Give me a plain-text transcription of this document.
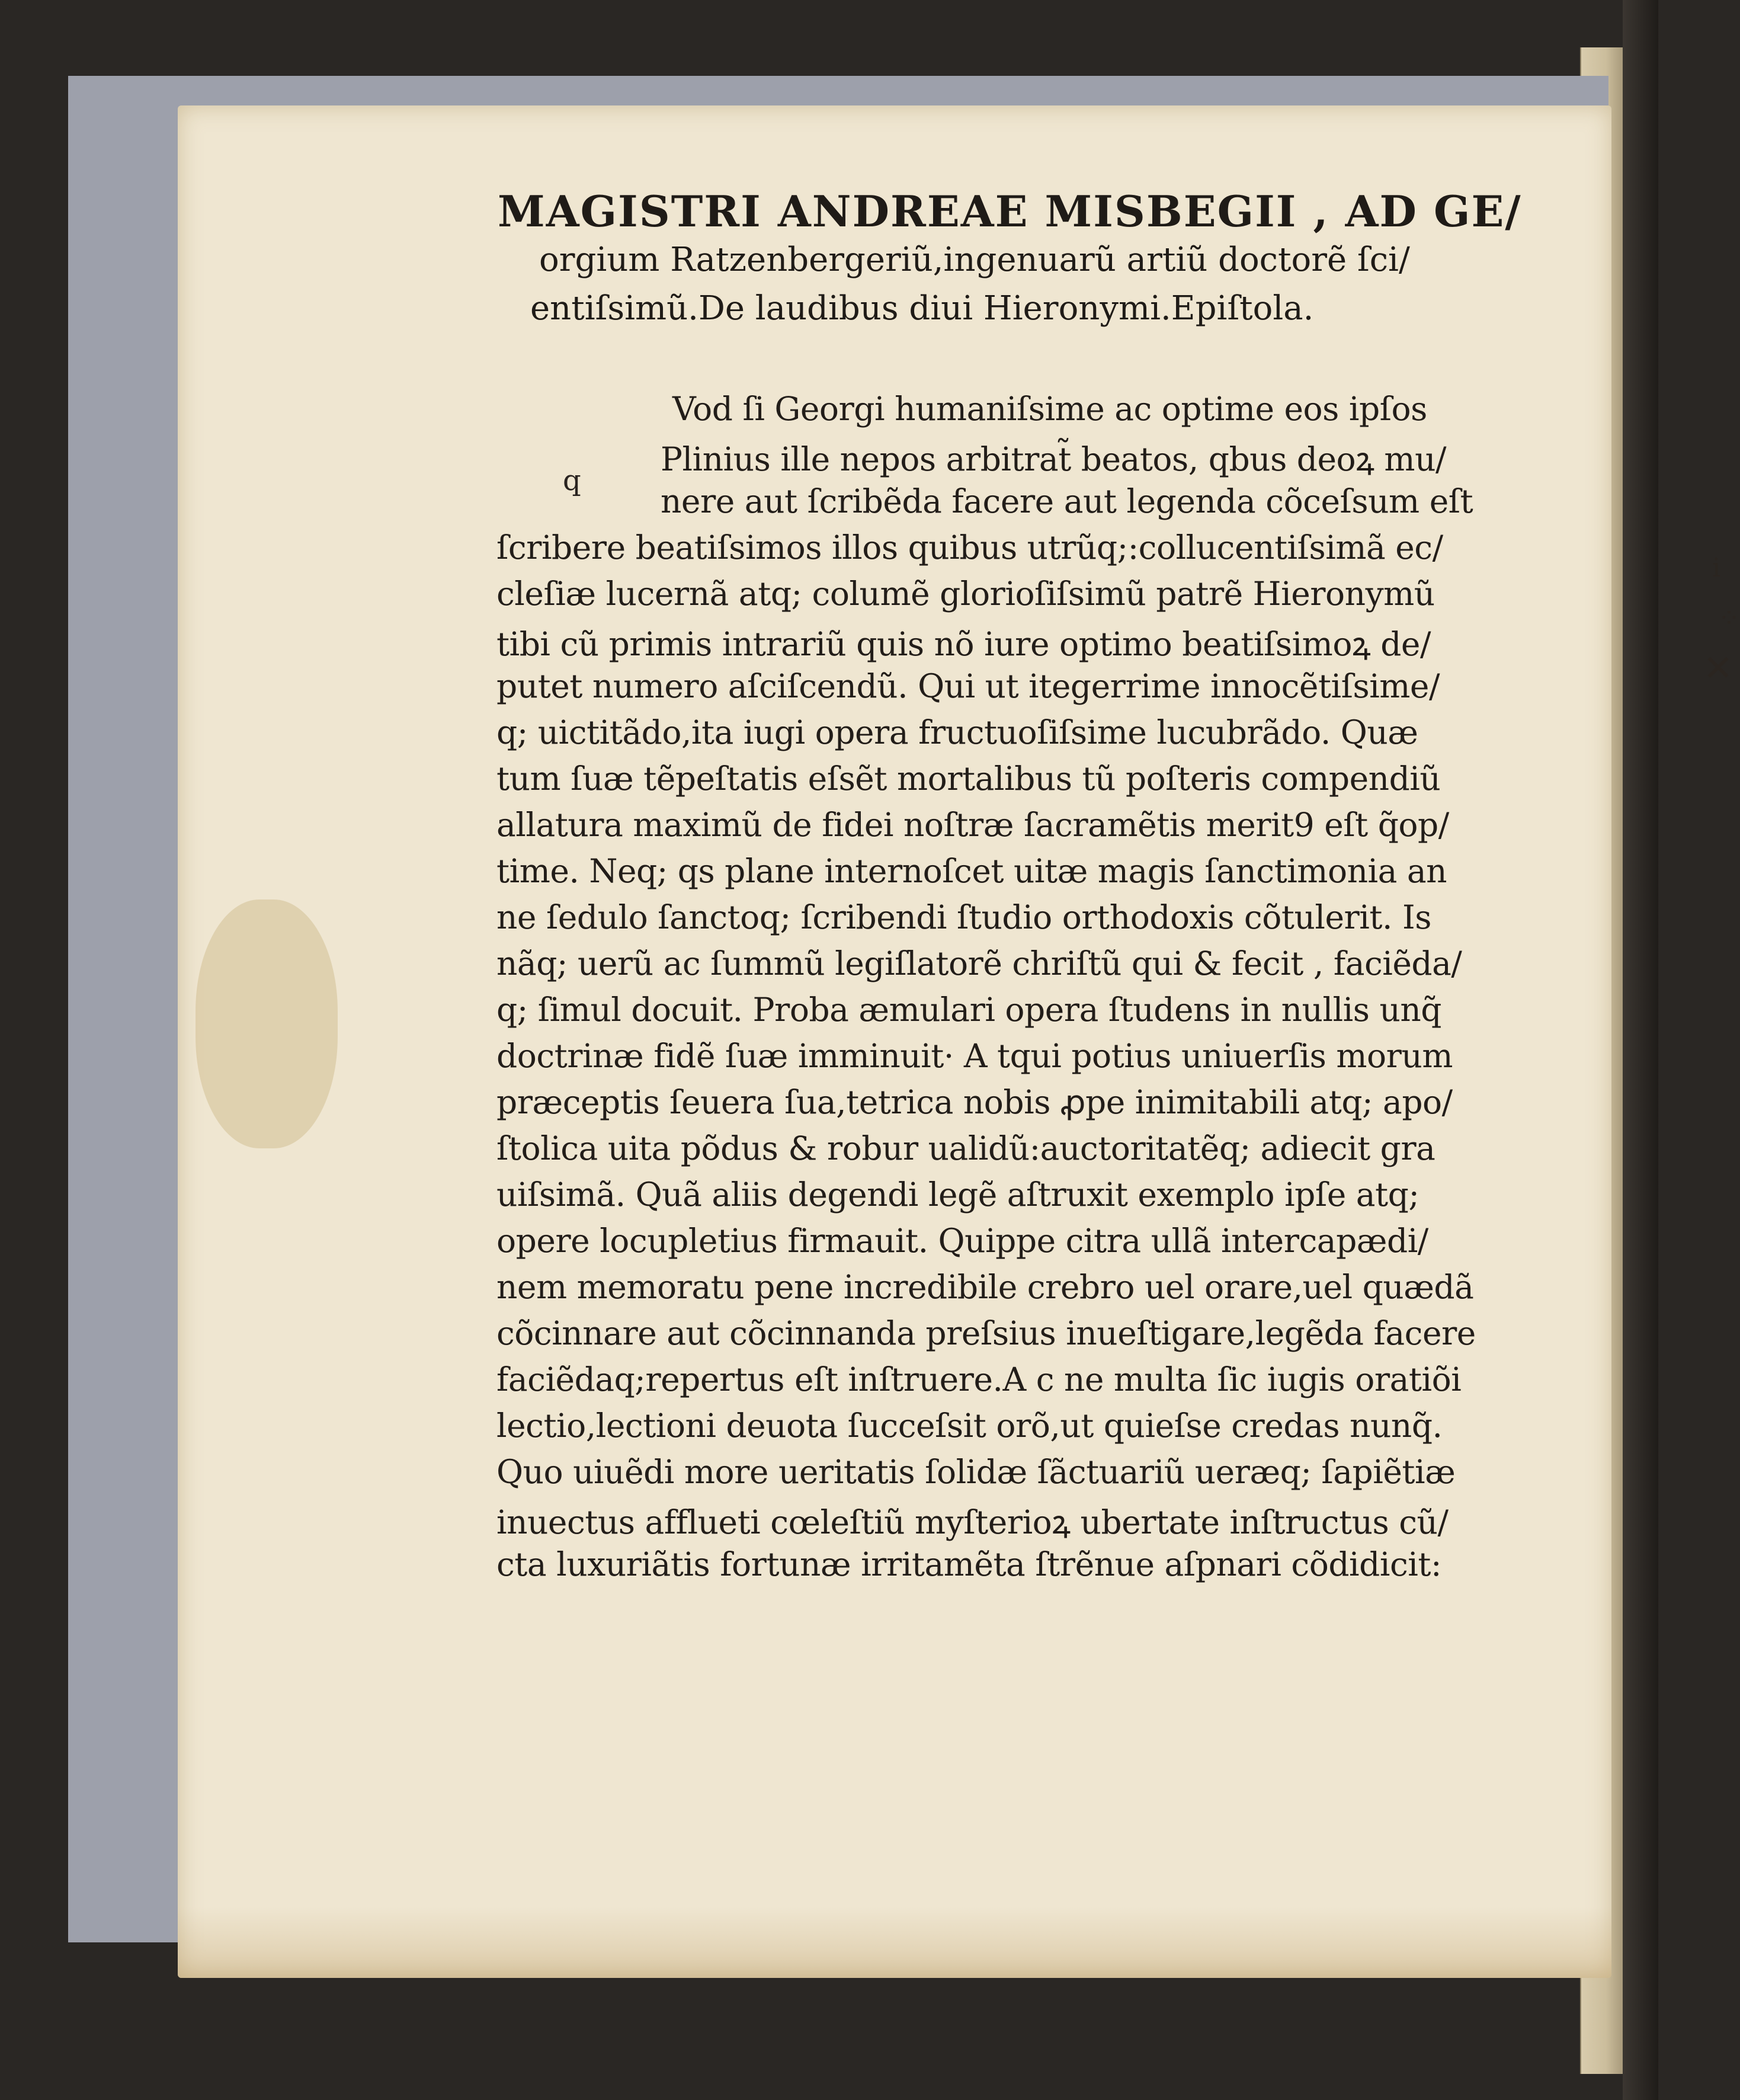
MAGISTRI ANDREAE MISBEGII , AD GE/
orgium Ratzenbergeriũ,ingenuarũ artiũ doctorẽ ſci/
entiſsimũ.De laudibus diui Hieronymi.Epiſtola.
q
Vod ſi Georgi humaniſsime ac optime eos ipſos
Plinius ille nepos arbitrat̃ beatos, qbus deoꝝ mu/
nere aut ſcribẽda facere aut legenda cõceſsum eſt
ſcribere beatiſsimos illos quibus utrũq;:collucentiſsimã ec/
cleſiæ lucernã atq; columẽ glorioſiſsimũ patrẽ Hieronymũ
tibi cũ primis intrariũ quis nõ iure optimo beatiſsimoꝝ de/
putet numero aſciſcendũ. Qui ut itegerrime innocẽtiſsime/
q; uictitãdo,ita iugi opera fructuoſiſsime lucubrãdo. Quæ
tum ſuæ tẽpeſtatis eſsẽt mortalibus tũ poſteris compendiũ
allatura maximũ de fidei noſtræ ſacramẽtis merit9 eſt q̃op/
time. Neq; qs plane internoſcet uitæ magis ſanctimonia an
ne ſedulo ſanctoq; ſcribendi ſtudio orthodoxis cõtulerit. Is
nãq; uerũ ac ſummũ legiſlatorẽ chriſtũ qui & fecit , faciẽda/
q; ſimul docuit. Proba æmulari opera ſtudens in nullis unq̃
doctrinæ fidẽ ſuæ imminuit· A tqui potius uniuerſis morum
præceptis ſeuera ſua,tetrica nobis ꝓpe inimitabili atq; apo/
ſtolica uita põdus & robur ualidũ:auctoritatẽq; adiecit gra
uiſsimã. Quã aliis degendi legẽ aſtruxit exemplo ipſe atq;
opere locupletius firmauit. Quippe citra ullã intercapædi/
nem memoratu pene incredibile crebro uel orare,uel quædã
cõcinnare aut cõcinnanda preſsius inueſtigare,legẽda facere
faciẽdaq;repertus eſt inſtruere.A c ne multa ſic iugis oratiõi
lectio,lectioni deuota ſucceſsit orõ,ut quieſse credas nunq̃.
Quo uiuẽdi more ueritatis ſolidæ ſãctuariũ ueræq; ſapiẽtiæ
inuectus afflueti cœleſtiũ myſterioꝝ ubertate inſtructus cũ/
cta luxuriãtis fortunæ irritamẽta ſtrẽnue aſpnari cõdidicit:
ⅰ
⁘
✕
